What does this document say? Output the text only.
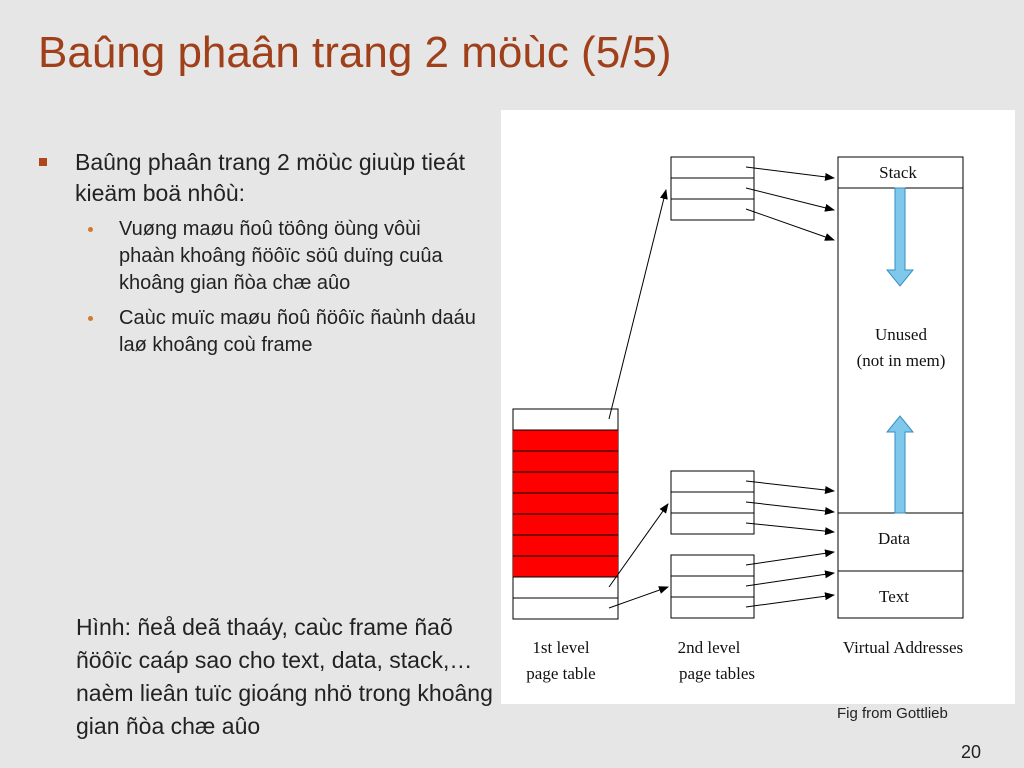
Baûng phaân trang 2 möùc (5/5)
Baûng phaân trang 2 möùc giuùp tieát kieäm boä nhôù:
Vuøng maøu ñoû töông öùng vôùi phaàn khoâng ñöôïc söû duïng cuûa khoâng gian ñòa chæ aûo
Caùc muïc maøu ñoû ñöôïc ñaùnh daáu laø khoâng coù frame
Hình: ñeå deã thaáy, caùc frame ñaõ ñöôïc caáp sao cho text, data, stack,… naèm lieân tuïc gioáng nhö trong khoâng gian ñòa chæ aûo
Stack
Unused
(not in mem)
Data
Text
1st level
page table
2nd level
page tables
Virtual Addresses
Fig from Gottlieb
20
